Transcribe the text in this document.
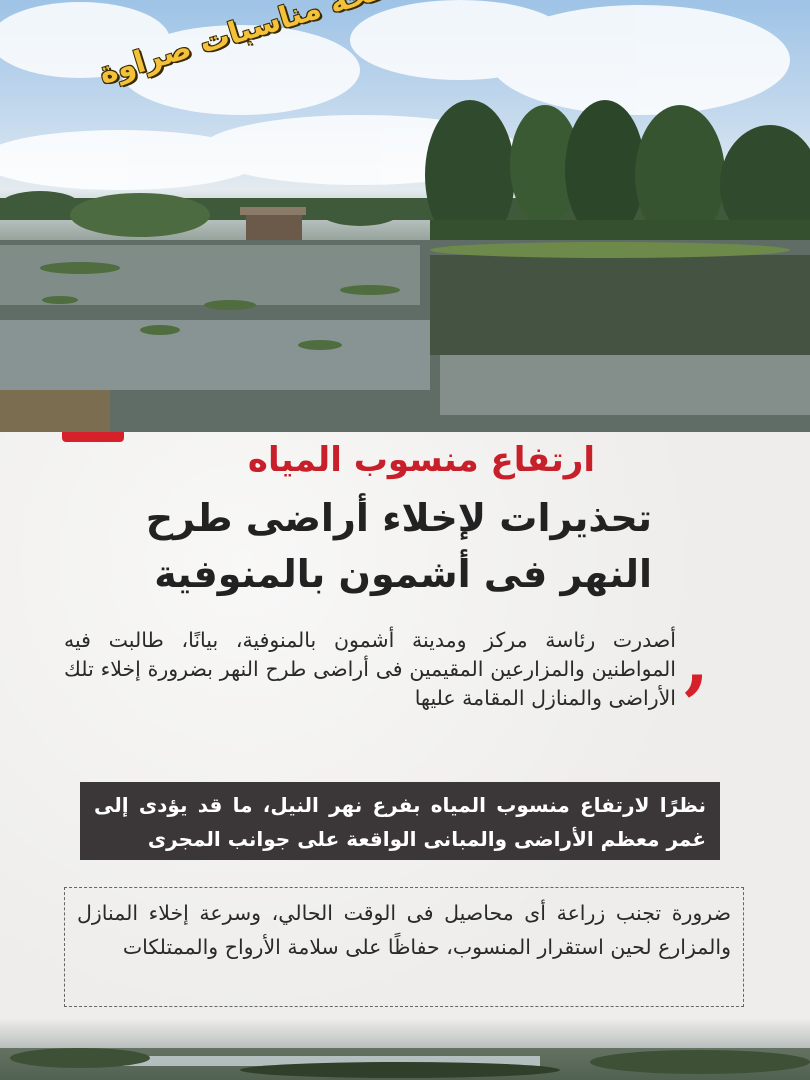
مناسبات صراوة
ارتفاع منسوب المياه
تحذيرات لإخلاء أراضى طرح
النهر فى أشمون بالمنوفية
,

أصدرت رئاسة مركز ومدينة أشمون بالمنوفية، بيانًا، طالبت فيه المواطنين والمزارعين المقيمين فى أراضى طرح النهر بضرورة إخلاء تلك الأراضى والمنازل المقامة عليها

نظرًا لارتفاع منسوب المياه بفرع نهر النيل، ما قد يؤدى إلى غمر معظم الأراضى والمبانى الواقعة على جوانب المجرى

ضرورة تجنب زراعة أى محاصيل فى الوقت الحالي، وسرعة إخلاء المنازل والمزارع لحين استقرار المنسوب، حفاظًا على سلامة الأرواح والممتلكات
